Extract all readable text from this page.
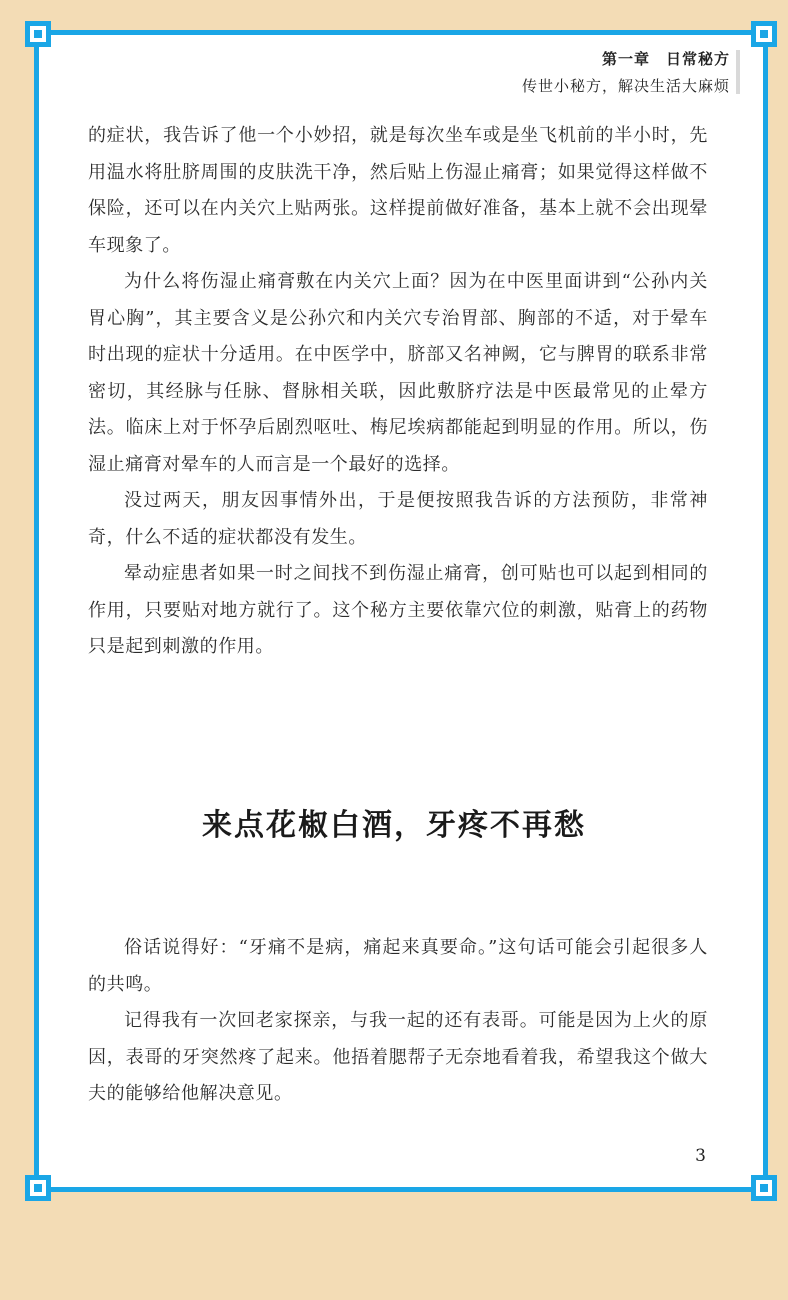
第一章　日常秘方
传世小秘方，解决生活大麻烦

的症状，我告诉了他一个小妙招，就是每次坐车或是坐飞机前的半小时，先用温水将肚脐周围的皮肤洗干净，然后贴上伤湿止痛膏；如果觉得这样做不保险，还可以在内关穴上贴两张。这样提前做好准备，基本上就不会出现晕车现象了。

为什么将伤湿止痛膏敷在内关穴上面？因为在中医里面讲到“公孙内关胃心胸”，其主要含义是公孙穴和内关穴专治胃部、胸部的不适，对于晕车时出现的症状十分适用。在中医学中，脐部又名神阙，它与脾胃的联系非常密切，其经脉与任脉、督脉相关联，因此敷脐疗法是中医最常见的止晕方法。临床上对于怀孕后剧烈呕吐、梅尼埃病都能起到明显的作用。所以，伤湿止痛膏对晕车的人而言是一个最好的选择。

没过两天，朋友因事情外出，于是便按照我告诉的方法预防，非常神奇，什么不适的症状都没有发生。

晕动症患者如果一时之间找不到伤湿止痛膏，创可贴也可以起到相同的作用，只要贴对地方就行了。这个秘方主要依靠穴位的刺激，贴膏上的药物只是起到刺激的作用。

来点花椒白酒，牙疼不再愁

俗话说得好：“牙痛不是病，痛起来真要命。”这句话可能会引起很多人的共鸣。

记得我有一次回老家探亲，与我一起的还有表哥。可能是因为上火的原因，表哥的牙突然疼了起来。他捂着腮帮子无奈地看着我，希望我这个做大夫的能够给他解决意见。

3
